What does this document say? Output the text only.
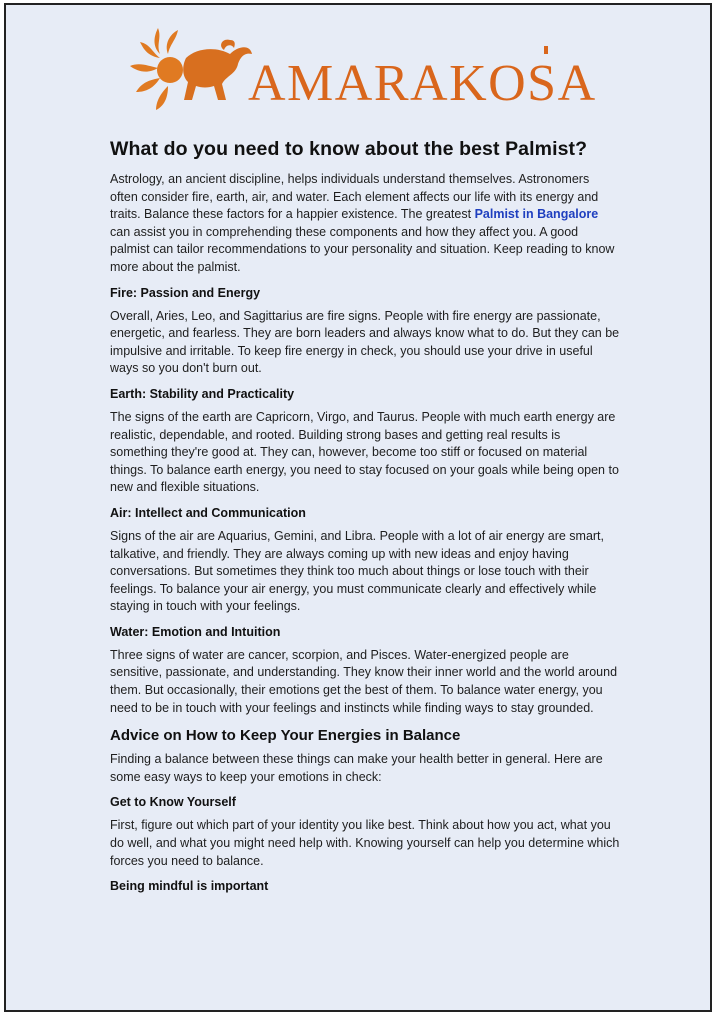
AMARAKOSA
What do you need to know about the best Palmist?

Astrology, an ancient discipline, helps individuals understand themselves. Astronomers often consider fire, earth, air, and water. Each element affects our life with its energy and traits. Balance these factors for a happier existence. The greatest Palmist in Bangalore can assist you in comprehending these components and how they affect you. A good palmist can tailor recommendations to your personality and situation. Keep reading to know more about the palmist.

Fire: Passion and Energy

Overall, Aries, Leo, and Sagittarius are fire signs. People with fire energy are passionate, energetic, and fearless. They are born leaders and always know what to do. But they can be impulsive and irritable. To keep fire energy in check, you should use your drive in useful ways so you don't burn out.

Earth: Stability and Practicality

The signs of the earth are Capricorn, Virgo, and Taurus. People with much earth energy are realistic, dependable, and rooted. Building strong bases and getting real results is something they're good at. They can, however, become too stiff or focused on material things. To balance earth energy, you need to stay focused on your goals while being open to new and flexible situations.

Air: Intellect and Communication

Signs of the air are Aquarius, Gemini, and Libra. People with a lot of air energy are smart, talkative, and friendly. They are always coming up with new ideas and enjoy having conversations. But sometimes they think too much about things or lose touch with their feelings. To balance your air energy, you must communicate clearly and effectively while staying in touch with your feelings.

Water: Emotion and Intuition

Three signs of water are cancer, scorpion, and Pisces. Water-energized people are sensitive, passionate, and understanding. They know their inner world and the world around them. But occasionally, their emotions get the best of them. To balance water energy, you need to be in touch with your feelings and instincts while finding ways to stay grounded.

Advice on How to Keep Your Energies in Balance

Finding a balance between these things can make your health better in general. Here are some easy ways to keep your emotions in check:

Get to Know Yourself

First, figure out which part of your identity you like best. Think about how you act, what you do well, and what you might need help with. Knowing yourself can help you determine which forces you need to balance.

Being mindful is important
